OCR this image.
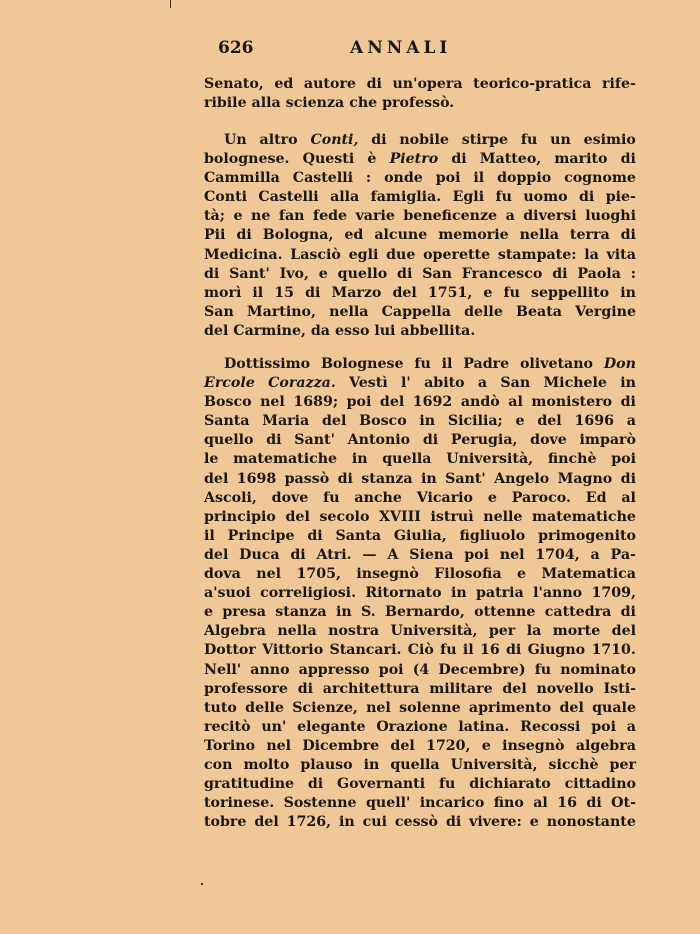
626	ANNALI
Senato, ed autore di un'opera teorico-pratica rife-
ribile alla scienza che professò.
Un altro Conti, di nobile stirpe fu un esimio
bolognese. Questi è Pietro di Matteo, marito di
Cammilla Castelli : onde poi il doppio cognome
Conti Castelli alla famiglia. Egli fu uomo di pie-
tà; e ne fan fede varie beneficenze a diversi luoghi
Pii di Bologna, ed alcune memorie nella terra di
Medicina. Lasciò egli due operette stampate: la vita
di Sant' Ivo, e quello di San Francesco di Paola :
morì il 15 di Marzo del 1751, e fu seppellito in
San Martino, nella Cappella delle Beata Vergine
del Carmine, da esso lui abbellita.
Dottissimo Bolognese fu il Padre olivetano Don
Ercole Corazza. Vestì l' abito a San Michele in
Bosco nel 1689; poi del 1692 andò al monistero di
Santa Maria del Bosco in Sicilia; e del 1696 a
quello di Sant' Antonio di Perugia, dove imparò
le matematiche in quella Università, finchè poi
del 1698 passò di stanza in Sant' Angelo Magno di
Ascoli, dove fu anche Vicario e Paroco. Ed al
principio del secolo XVIII istruì nelle matematiche
il Principe di Santa Giulia, figliuolo primogenito
del Duca di Atri. — A Siena poi nel 1704, a Pa-
dova nel 1705, insegnò Filosofia e Matematica
a'suoi correligiosi. Ritornato in patria l'anno 1709,
e presa stanza in S. Bernardo, ottenne cattedra di
Algebra nella nostra Università, per la morte del
Dottor Vittorio Stancari. Ciò fu il 16 di Giugno 1710.
Nell' anno appresso poi (4 Decembre) fu nominato
professore di architettura militare del novello Isti-
tuto delle Scienze, nel solenne aprimento del quale
recitò un' elegante Orazione latina. Recossi poi a
Torino nel Dicembre del 1720, e insegnò algebra
con molto plauso in quella Università, sicchè per
gratitudine di Governanti fu dichiarato cittadino
torinese. Sostenne quell' incarico fino al 16 di Ot-
tobre del 1726, in cui cessò di vivere: e nonostante
